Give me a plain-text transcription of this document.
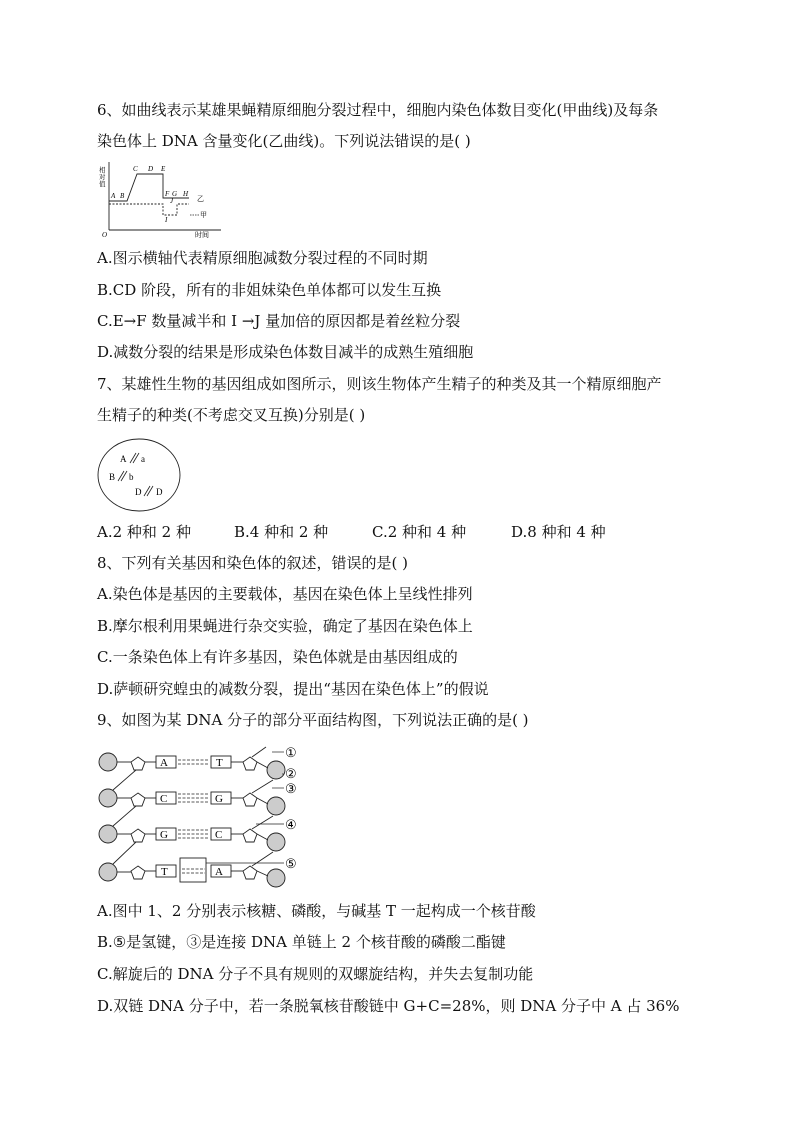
6、如曲线表示某雄果蝇精原细胞分裂过程中，细胞内染色体数目变化(甲曲线)及每条
染色体上 DNA 含量变化(乙曲线)。下列说法错误的是( )
相
对
值
O	时间
A B
C D E
F G H
I
J	乙
甲
A.图示横轴代表精原细胞减数分裂过程的不同时期
B.CD 阶段，所有的非姐妹染色单体都可以发生互换
C.E→F 数量减半和 I →J 量加倍的原因都是着丝粒分裂
D.减数分裂的结果是形成染色体数目减半的成熟生殖细胞
7、某雄性生物的基因组成如图所示，则该生物体产生精子的种类及其一个精原细胞产
生精子的种类(不考虑交叉互换)分别是( )
A a
B b
D D
A.2 种和 2 种	B.4 种和 2 种	C.2 种和 4 种	D.8 种和 4 种
8、下列有关基因和染色体的叙述，错误的是( )
A.染色体是基因的主要载体，基因在染色体上呈线性排列
B.摩尔根利用果蝇进行杂交实验，确定了基因在染色体上
C.一条染色体上有许多基因，染色体就是由基因组成的
D.萨顿研究蝗虫的减数分裂，提出“基因在染色体上”的假说
9、如图为某 DNA 分子的部分平面结构图，下列说法正确的是( )
A
C
G
T
T
G
C
A
①
②
③
④
⑤
A.图中 1、2 分别表示核糖、磷酸，与碱基 T 一起构成一个核苷酸
B.⑤是氢键，③是连接 DNA 单链上 2 个核苷酸的磷酸二酯键
C.解旋后的 DNA 分子不具有规则的双螺旋结构，并失去复制功能
D.双链 DNA 分子中，若一条脱氧核苷酸链中 G+C=28%，则 DNA 分子中 A 占 36%
